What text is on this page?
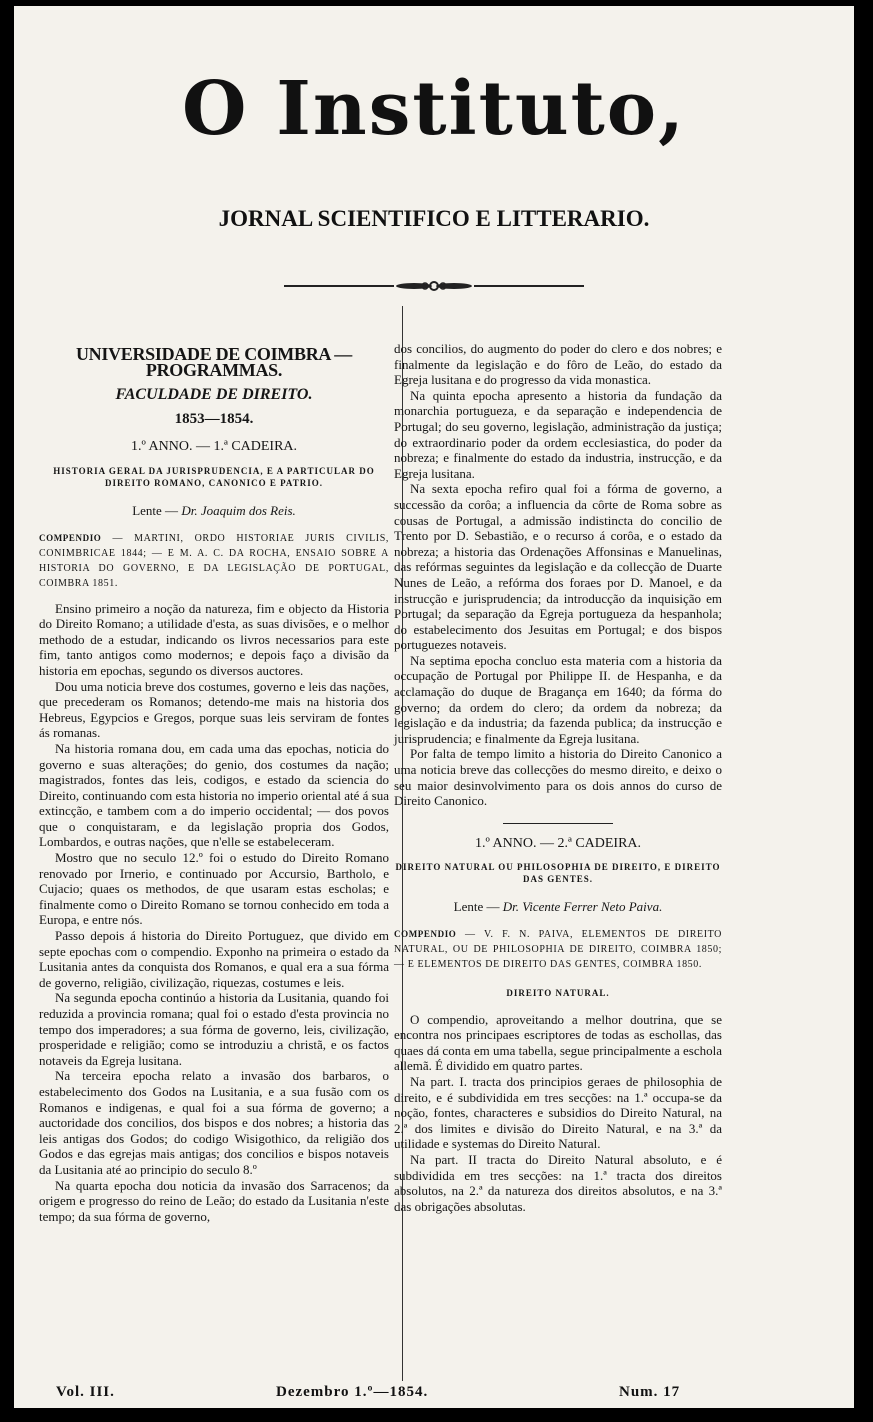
O Instituto,
JORNAL SCIENTIFICO E LITTERARIO.
UNIVERSIDADE DE COIMBRA — PROGRAMMAS.
FACULDADE DE DIREITO.
1853—1854.
1.º ANNO. — 1.ª CADEIRA.
HISTORIA GERAL DA JURISPRUDENCIA, E A PARTICULAR DO DIREITO ROMANO, CANONICO E PATRIO.
Lente — Dr. Joaquim dos Reis.
COMPENDIO — MARTINI, ORDO HISTORIAE JURIS CIVILIS, CONIMBRICAE 1844; — E M. A. C. DA ROCHA, ENSAIO SOBRE A HISTORIA DO GOVERNO, E DA LEGISLAÇÃO DE PORTUGAL, COIMBRA 1851.

Ensino primeiro a noção da natureza, fim e objecto da Historia do Direito Romano; a utilidade d'esta, as suas divisões, e o melhor methodo de a estudar, indicando os livros necessarios para este fim, tanto antigos como modernos; e depois faço a divisão da historia em epochas, segundo os diversos auctores.

Dou uma noticia breve dos costumes, governo e leis das nações, que precederam os Romanos; detendo-me mais na historia dos Hebreus, Egypcios e Gregos, porque suas leis serviram de fontes ás romanas.

Na historia romana dou, em cada uma das epochas, noticia do governo e suas alterações; do genio, dos costumes da nação; magistrados, fontes das leis, codigos, e estado da sciencia do Direito, continuando com esta historia no imperio oriental até á sua extincção, e tambem com a do imperio occidental; — dos povos que o conquistaram, e da legislação propria dos Godos, Lombardos, e outras nações, que n'elle se estabeleceram.

Mostro que no seculo 12.º foi o estudo do Direito Romano renovado por Irnerio, e continuado por Accursio, Bartholo, e Cujacio; quaes os methodos, de que usaram estas escholas; e finalmente como o Direito Romano se tornou conhecido em toda a Europa, e entre nós.

Passo depois á historia do Direito Portuguez, que divido em septe epochas com o compendio. Exponho na primeira o estado da Lusitania antes da conquista dos Romanos, e qual era a sua fórma de governo, religião, civilização, riquezas, costumes e leis.

Na segunda epocha continúo a historia da Lusitania, quando foi reduzida a provincia romana; qual foi o estado d'esta provincia no tempo dos imperadores; a sua fórma de governo, leis, civilização, prosperidade e religião; como se introduziu a christã, e os factos notaveis da Egreja lusitana.

Na terceira epocha relato a invasão dos barbaros, o estabelecimento dos Godos na Lusitania, e a sua fusão com os Romanos e indigenas, e qual foi a sua fórma de governo; a auctoridade dos concilios, dos bispos e dos nobres; a historia das leis antigas dos Godos; do codigo Wisigothico, da religião dos Godos e das egrejas mais antigas; dos concilios e bispos notaveis da Lusitania até ao principio do seculo 8.º

Na quarta epocha dou noticia da invasão dos Sarracenos; da origem e progresso do reino de Leão; do estado da Lusitania n'este tempo; da sua fórma de governo,

dos concilios, do augmento do poder do clero e dos nobres; e finalmente da legislação e do fôro de Leão, do estado da Egreja lusitana e do progresso da vida monastica.

Na quinta epocha apresento a historia da fundação da monarchia portugueza, e da separação e independencia de Portugal; do seu governo, legislação, administração da justiça; do extraordinario poder da ordem ecclesiastica, do poder da nobreza; e finalmente do estado da industria, instrucção, e da Egreja lusitana.

Na sexta epocha refiro qual foi a fórma de governo, a successão da corôa; a influencia da côrte de Roma sobre as cousas de Portugal, a admissão indistincta do concilio de Trento por D. Sebastião, e o recurso á corôa, e o estado da nobreza; a historia das Ordenações Affonsinas e Manuelinas, das refórmas seguintes da legislação e da collecção de Duarte Nunes de Leão, a refórma dos foraes por D. Manoel, e da instrucção e jurisprudencia; da introducção da inquisição em Portugal; da separação da Egreja portugueza da hespanhola; do estabelecimento dos Jesuitas em Portugal; e dos bispos portuguezes notaveis.

Na septima epocha concluo esta materia com a historia da occupação de Portugal por Philippe II. de Hespanha, e da acclamação do duque de Bragança em 1640; da fórma do governo; da ordem do clero; da ordem da nobreza; da legislação e da industria; da fazenda publica; da instrucção e jurisprudencia; e finalmente da Egreja lusitana.

Por falta de tempo limito a historia do Direito Canonico a uma noticia breve das collecções do mesmo direito, e deixo o seu maior desinvolvimento para os dois annos do curso de Direito Canonico.

1.º ANNO. — 2.ª CADEIRA.
DIREITO NATURAL OU PHILOSOPHIA DE DIREITO, E DIREITO DAS GENTES.
Lente — Dr. Vicente Ferrer Neto Paiva.
COMPENDIO — V. F. N. PAIVA, ELEMENTOS DE DIREITO NATURAL, OU DE PHILOSOPHIA DE DIREITO, COIMBRA 1850; — E ELEMENTOS DE DIREITO DAS GENTES, COIMBRA 1850.
DIREITO NATURAL.

O compendio, aproveitando a melhor doutrina, que se encontra nos principaes escriptores de todas as eschollas, das quaes dá conta em uma tabella, segue principalmente a eschola allemã. É dividido em quatro partes.

Na part. I. tracta dos principios geraes de philosophia de direito, e é subdividida em tres secções: na 1.ª occupa-se da noção, fontes, characteres e subsidios do Direito Natural, na 2.ª dos limites e divisão do Direito Natural, e na 3.ª da utilidade e systemas do Direito Natural.

Na part. II tracta do Direito Natural absoluto, e é subdividida em tres secções: na 1.ª tracta dos direitos absolutos, na 2.ª da natureza dos direitos absolutos, e na 3.ª das obrigações absolutas.

Vol. III.	Dezembro 1.º—1854.	Num. 17
